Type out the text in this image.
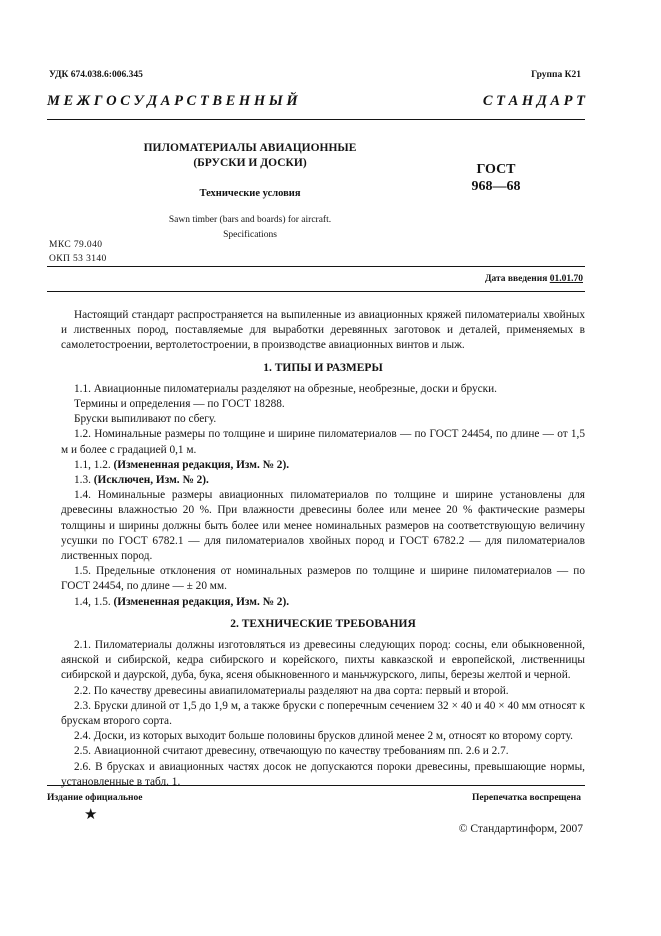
УДК 674.038.6:006.345	Группа К21
М Е Ж Г О С У Д А Р С Т В Е Н Н Ы Й	С Т А Н Д А Р Т
ПИЛОМАТЕРИАЛЫ АВИАЦИОННЫЕ
(БРУСКИ И ДОСКИ)
Технические условия
Sawn timber (bars and boards) for aircraft.
Specifications
ГОСТ
968—68
МКС 79.040
ОКП 53 3140
Дата введения 01.01.70

Настоящий стандарт распространяется на выпиленные из авиационных кряжей пиломатериалы хвойных и лиственных пород, поставляемые для выработки деревянных заготовок и деталей, применяемых в самолетостроении, вертолетостроении, в производстве авиационных винтов и лыж.

1. ТИПЫ И РАЗМЕРЫ

1.1. Авиационные пиломатериалы разделяют на обрезные, необрезные, доски и бруски.

Термины и определения — по ГОСТ 18288.

Бруски выпиливают по сбегу.

1.2. Номинальные размеры по толщине и ширине пиломатериалов — по ГОСТ 24454, по длине — от 1,5 м и более с градацией 0,1 м.

1.1, 1.2. (Измененная редакция, Изм. № 2).

1.3. (Исключен, Изм. № 2).

1.4. Номинальные размеры авиационных пиломатериалов по толщине и ширине установлены для древесины влажностью 20 %. При влажности древесины более или менее 20 % фактические размеры толщины и ширины должны быть более или менее номинальных размеров на соответствующую величину усушки по ГОСТ 6782.1 — для пиломатериалов хвойных пород и ГОСТ 6782.2 — для пиломатериалов лиственных пород.

1.5. Предельные отклонения от номинальных размеров по толщине и ширине пиломатериалов — по ГОСТ 24454, по длине — ± 20 мм.

1.4, 1.5. (Измененная редакция, Изм. № 2).

2. ТЕХНИЧЕСКИЕ ТРЕБОВАНИЯ

2.1. Пиломатериалы должны изготовляться из древесины следующих пород: сосны, ели обыкновенной, аянской и сибирской, кедра сибирского и корейского, пихты кавказской и европейской, лиственницы сибирской и даурской, дуба, бука, ясеня обыкновенного и маньчжурского, липы, березы желтой и черной.

2.2. По качеству древесины авиапиломатериалы разделяют на два сорта: первый и второй.

2.3. Бруски длиной от 1,5 до 1,9 м, а также бруски с поперечным сечением 32 × 40 и 40 × 40 мм относят к брускам второго сорта.

2.4. Доски, из которых выходит больше половины брусков длиной менее 2 м, относят ко второму сорту.

2.5. Авиационной считают древесину, отвечающую по качеству требованиям пп. 2.6 и 2.7.

2.6. В брусках и авиационных частях досок не допускаются пороки древесины, превышающие нормы, установленные в табл. 1.

Издание официальное	Перепечатка воспрещена
★
© Стандартинформ, 2007
